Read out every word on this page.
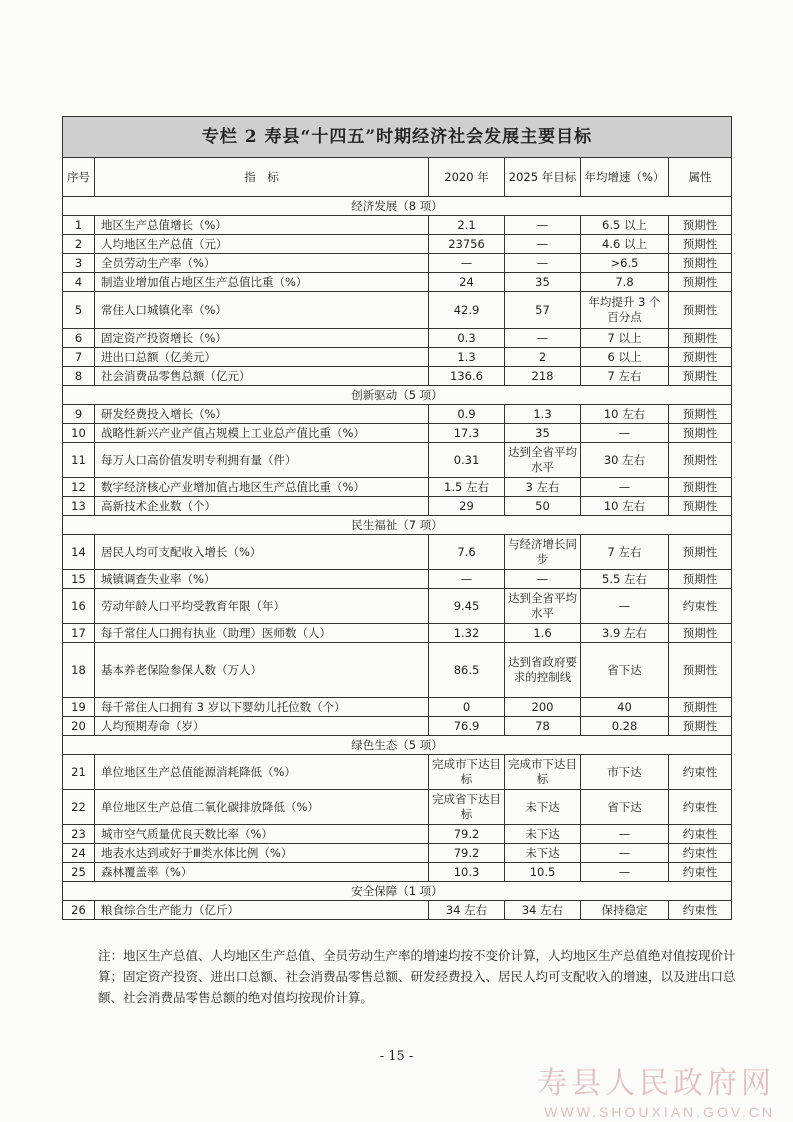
专栏 2 寿县“十四五”时期经济社会发展主要目标					
序号	指　标	2020 年	2025 年目标	年均增速（%）	属性
经济发展（8 项）					
1	地区生产总值增长（%）	2.1	—	6.5 以上	预期性
2	人均地区生产总值（元）	23756	—	4.6 以上	预期性
3	全员劳动生产率（%）	—	—	>6.5	预期性
4	制造业增加值占地区生产总值比重（%）	24	35	7.8	预期性
5	常住人口城镇化率（%）	42.9	57	年均提升 3 个百分点	预期性
6	固定资产投资增长（%）	0.3	—	7 以上	预期性
7	进出口总额（亿美元）	1.3	2	6 以上	预期性
8	社会消费品零售总额（亿元）	136.6	218	7 左右	预期性
创新驱动（5 项）					
9	研发经费投入增长（%）	0.9	1.3	10 左右	预期性
10	战略性新兴产业产值占规模上工业总产值比重（%）	17.3	35	—	预期性
11	每万人口高价值发明专利拥有量（件）	0.31	达到全省平均水平	30 左右	预期性
12	数字经济核心产业增加值占地区生产总值比重（%）	1.5 左右	3 左右	—	预期性
13	高新技术企业数（个）	29	50	10 左右	预期性
民生福祉（7 项）					
14	居民人均可支配收入增长（%）	7.6	与经济增长同步	7 左右	预期性
15	城镇调查失业率（%）	—	—	5.5 左右	预期性
16	劳动年龄人口平均受教育年限（年）	9.45	达到全省平均水平	—	约束性
17	每千常住人口拥有执业（助理）医师数（人）	1.32	1.6	3.9 左右	预期性
18	基本养老保险参保人数（万人）	86.5	达到省政府要求的控制线	省下达	预期性
19	每千常住人口拥有 3 岁以下婴幼儿托位数（个）	0	200	40	预期性
20	人均预期寿命（岁）	76.9	78	0.28	预期性
绿色生态（5 项）					
21	单位地区生产总值能源消耗降低（%）	完成市下达目标	完成市下达目标	市下达	约束性
22	单位地区生产总值二氧化碳排放降低（%）	完成省下达目标	未下达	省下达	约束性
23	城市空气质量优良天数比率（%）	79.2	未下达	—	约束性
24	地表水达到或好于Ⅲ类水体比例（%）	79.2	未下达	—	约束性
25	森林覆盖率（%）	10.3	10.5	—	约束性
安全保障（1 项）					
26	粮食综合生产能力（亿斤）	34 左右	34 左右	保持稳定	约束性
注：地区生产总值、人均地区生产总值、全员劳动生产率的增速均按不变价计算，人均地区生产总值绝对值按现价计算；固定资产投资、进出口总额、社会消费品零售总额、研发经费投入、居民人均可支配收入的增速，以及进出口总额、社会消费品零售总额的绝对值均按现价计算。
- 15 -
寿县人民政府网
WWW.SHOUXIAN.GOV.CN
